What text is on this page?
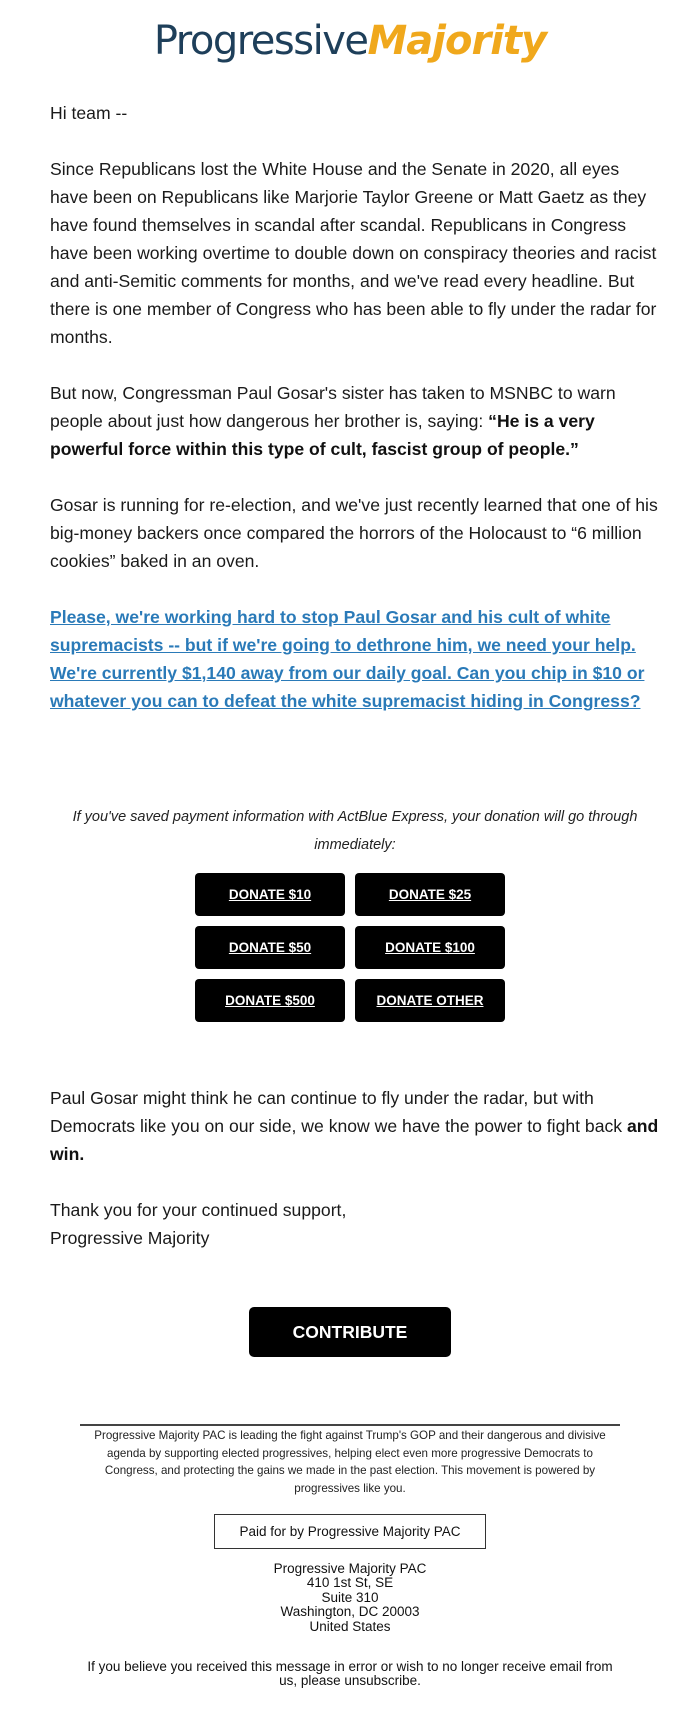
ProgressiveMajority

Hi team --

Since Republicans lost the White House and the Senate in 2020, all eyes have been on Republicans like Marjorie Taylor Greene or Matt Gaetz as they have found themselves in scandal after scandal. Republicans in Congress have been working overtime to double down on conspiracy theories and racist and anti-Semitic comments for months, and we've read every headline. But there is one member of Congress who has been able to fly under the radar for months.

But now, Congressman Paul Gosar's sister has taken to MSNBC to warn people about just how dangerous her brother is, saying: “He is a very powerful force within this type of cult, fascist group of people.”

Gosar is running for re-election, and we've just recently learned that one of his big-money backers once compared the horrors of the Holocaust to “6 million cookies” baked in an oven.

Please, we're working hard to stop Paul Gosar and his cult of white supremacists -- but if we're going to dethrone him, we need your help. We're currently $1,140 away from our daily goal. Can you chip in $10 or whatever you can to defeat the white supremacist hiding in Congress?

If you've saved payment information with ActBlue Express, your donation will go through immediately:
DONATE $10	DONATE $25
DONATE $50	DONATE $100
DONATE $500	DONATE OTHER

Paul Gosar might think he can continue to fly under the radar, but with Democrats like you on our side, we know we have the power to fight back and win.

Thank you for your continued support,

Progressive Majority

CONTRIBUTE
Progressive Majority PAC is leading the fight against Trump's GOP and their dangerous and divisive agenda by supporting elected progressives, helping elect even more progressive Democrats to Congress, and protecting the gains we made in the past election. This movement is powered by progressives like you.
Paid for by Progressive Majority PAC
Progressive Majority PAC
410 1st St, SE
Suite 310
Washington, DC 20003
United States
If you believe you received this message in error or wish to no longer receive email from us, please unsubscribe.
